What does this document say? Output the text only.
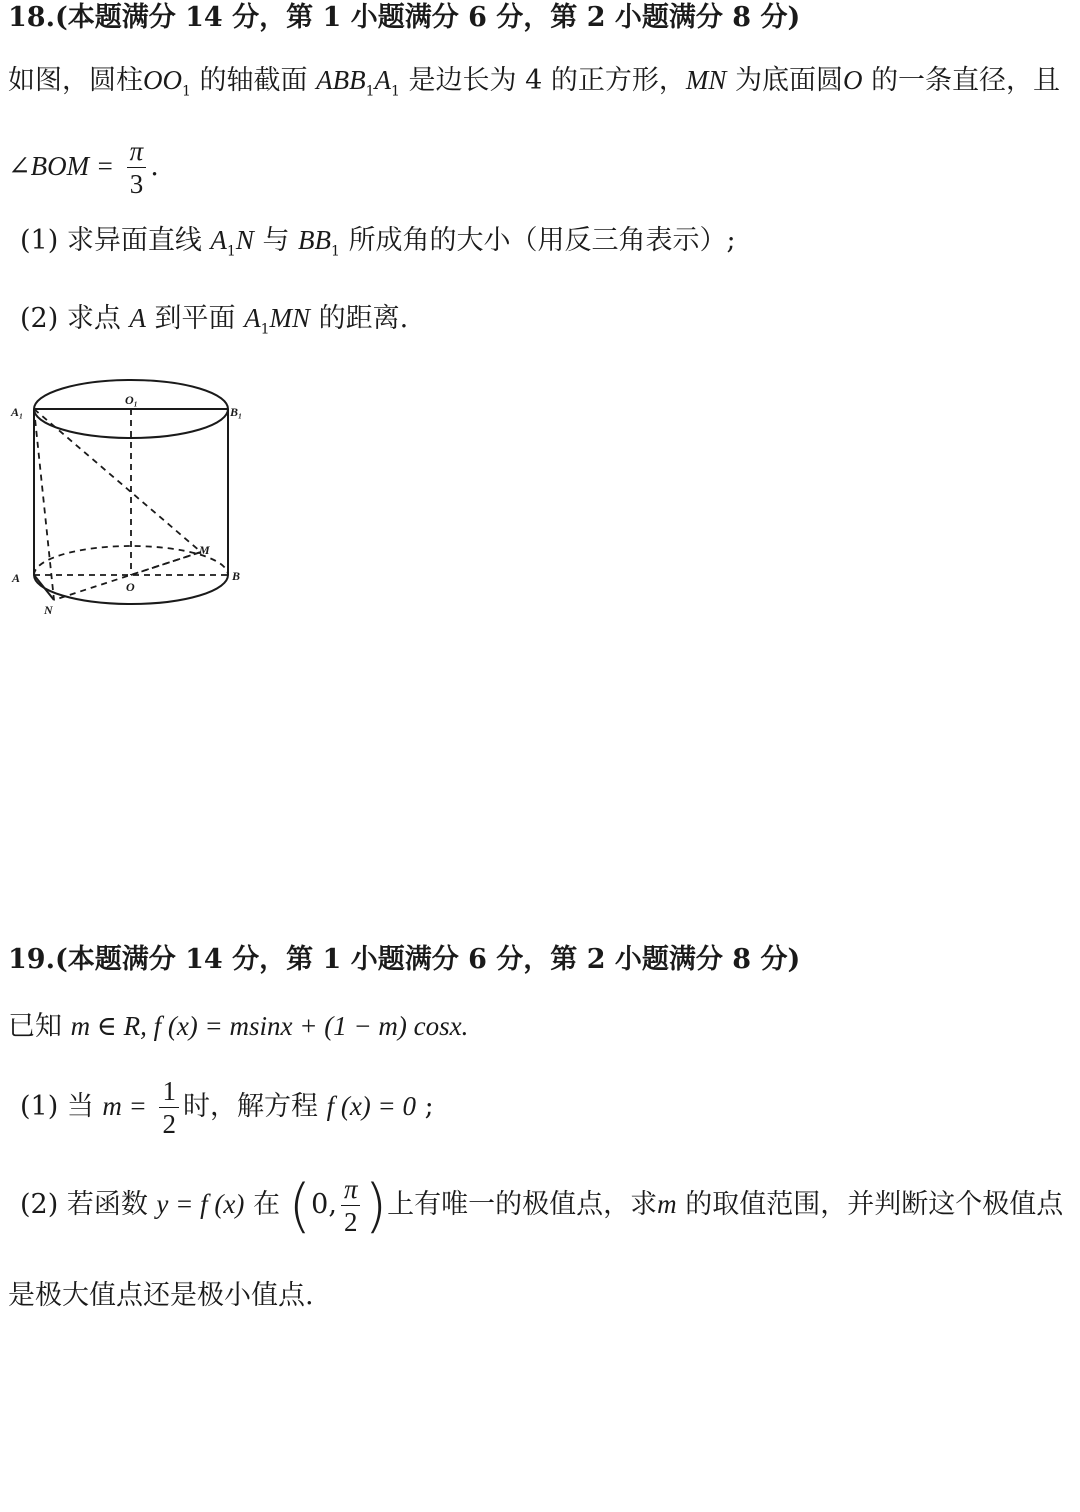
18.(本题满分 14 分，第 1 小题满分 6 分，第 2 小题满分 8 分)
如图，圆柱$OO_1$ 的轴截面 $ABB_1A_1$ 是边长为 4 的正方形，MN 为底面圆O 的一条直径，且
∠BOM = $\frac{\pi}{3}$ .
(1) 求异面直线 $A_1N$ 与 $BB_1$ 所成角的大小（用反三角表示）;
(2) 求点 A 到平面 $A_1MN$ 的距离.
O₁
A₁	B₁
M
A
O
B
N
19.(本题满分 14 分，第 1 小题满分 6 分，第 2 小题满分 8 分)
已知 m ∈ R, f (x) = msinx + (1 − m) cosx.
(1) 当 $m = \frac{1}{2}$ 时，解方程 f (x) = 0 ;
(2) 若函数 y = f (x) 在 (0, $\frac{\pi}{2}$ )上有唯一的极值点，求m 的取值范围，并判断这个极值点
是极大值点还是极小值点.
